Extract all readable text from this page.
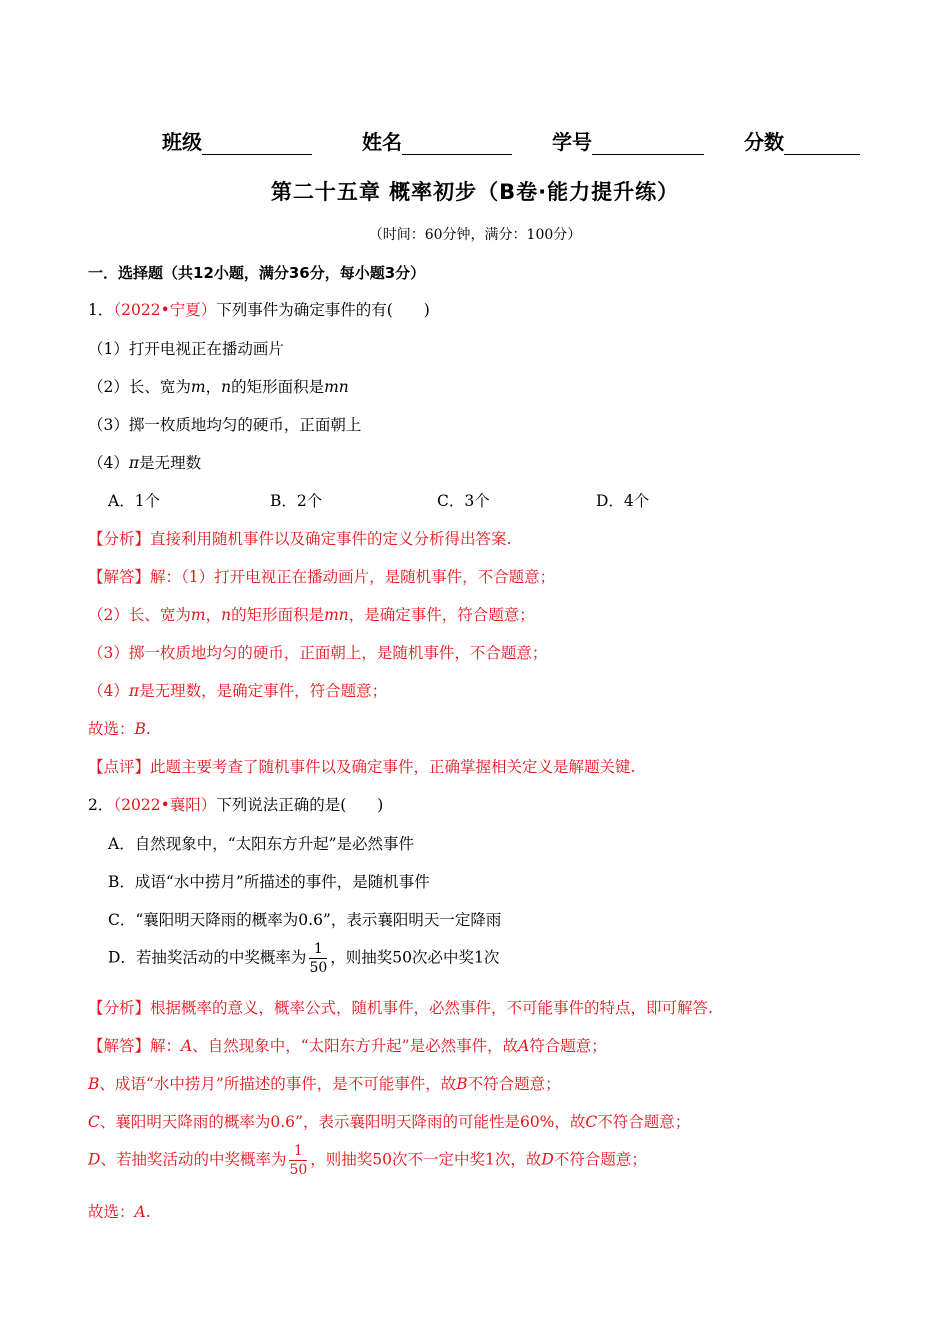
班级	姓名	学号	分数
第二十五章 概率初步（B卷·能力提升练）
（时间：60分钟，满分：100分）
一．选择题（共12小题，满分36分，每小题3分）
1．（2022•宁夏）下列事件为确定事件的有(　　)
（1）打开电视正在播动画片
（2）长、宽为m，n的矩形面积是mn
（3）掷一枚质地均匀的硬币，正面朝上
（4）π是无理数
A．1个	B．2个	C．3个	D．4个
【分析】直接利用随机事件以及确定事件的定义分析得出答案.
【解答】解：（1）打开电视正在播动画片，是随机事件，不合题意；
（2）长、宽为m，n的矩形面积是mn，是确定事件，符合题意；
（3）掷一枚质地均匀的硬币，正面朝上，是随机事件，不合题意；
（4）π是无理数，是确定事件，符合题意；
故选：B.
【点评】此题主要考查了随机事件以及确定事件，正确掌握相关定义是解题关键.
2．（2022•襄阳）下列说法正确的是(　　)
A．自然现象中，“太阳东方升起”是必然事件
B．成语“水中捞月”所描述的事件，是随机事件
C．“襄阳明天降雨的概率为0.6”，表示襄阳明天一定降雨
D．若抽奖活动的中奖概率为 $\frac{1}{50}$ ，则抽奖50次必中奖1次
【分析】根据概率的意义，概率公式，随机事件，必然事件，不可能事件的特点，即可解答.
【解答】解：A、自然现象中，“太阳东方升起”是必然事件，故A符合题意；
B、成语“水中捞月”所描述的事件，是不可能事件，故B不符合题意；
C、襄阳明天降雨的概率为0.6”，表示襄阳明天降雨的可能性是60%，故C不符合题意；
D、若抽奖活动的中奖概率为 $\frac{1}{50}$ ，则抽奖50次不一定中奖1次，故D不符合题意；
故选：A.
